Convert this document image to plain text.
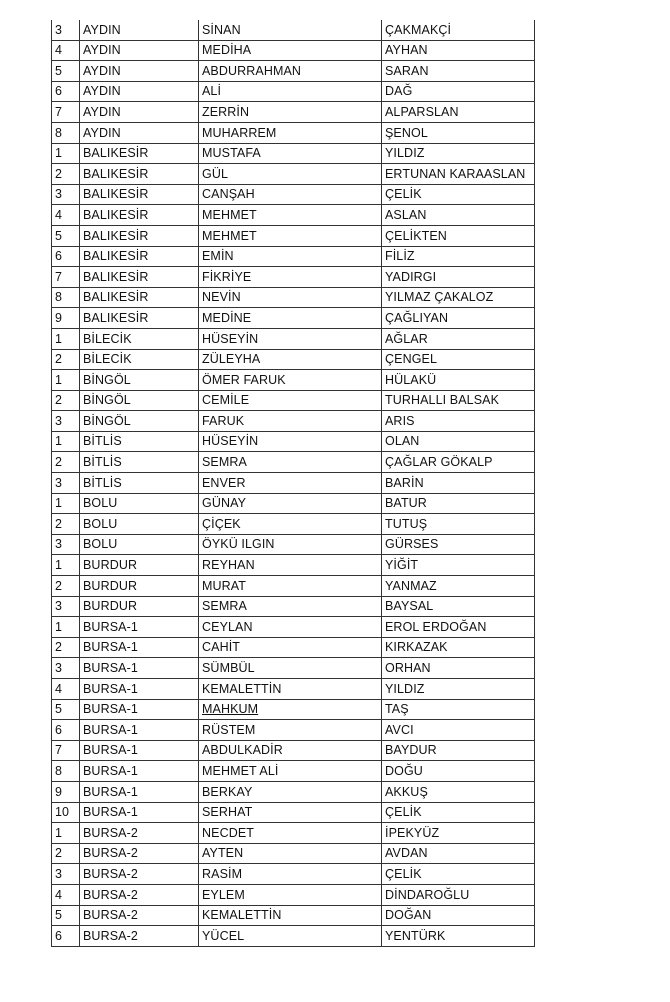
3	AYDIN	SİNAN	ÇAKMAKÇİ
4	AYDIN	MEDİHA	AYHAN
5	AYDIN	ABDURRAHMAN	SARAN
6	AYDIN	ALİ	DAĞ
7	AYDIN	ZERRİN	ALPARSLAN
8	AYDIN	MUHARREM	ŞENOL
1	BALIKESİR	MUSTAFA	YILDIZ
2	BALIKESİR	GÜL	ERTUNAN KARAASLAN
3	BALIKESİR	CANŞAH	ÇELİK
4	BALIKESİR	MEHMET	ASLAN
5	BALIKESİR	MEHMET	ÇELİKTEN
6	BALIKESİR	EMİN	FİLİZ
7	BALIKESİR	FİKRİYE	YADIRGI
8	BALIKESİR	NEVİN	YILMAZ ÇAKALOZ
9	BALIKESİR	MEDİNE	ÇAĞLIYAN
1	BİLECİK	HÜSEYİN	AĞLAR
2	BİLECİK	ZÜLEYHA	ÇENGEL
1	BİNGÖL	ÖMER FARUK	HÜLAKÜ
2	BİNGÖL	CEMİLE	TURHALLI BALSAK
3	BİNGÖL	FARUK	ARIS
1	BİTLİS	HÜSEYİN	OLAN
2	BİTLİS	SEMRA	ÇAĞLAR GÖKALP
3	BİTLİS	ENVER	BARİN
1	BOLU	GÜNAY	BATUR
2	BOLU	ÇİÇEK	TUTUŞ
3	BOLU	ÖYKÜ ILGIN	GÜRSES
1	BURDUR	REYHAN	YİĞİT
2	BURDUR	MURAT	YANMAZ
3	BURDUR	SEMRA	BAYSAL
1	BURSA-1	CEYLAN	EROL ERDOĞAN
2	BURSA-1	CAHİT	KIRKAZAK
3	BURSA-1	SÜMBÜL	ORHAN
4	BURSA-1	KEMALETTİN	YILDIZ
5	BURSA-1	MAHKUM	TAŞ
6	BURSA-1	RÜSTEM	AVCI
7	BURSA-1	ABDULKADİR	BAYDUR
8	BURSA-1	MEHMET ALİ	DOĞU
9	BURSA-1	BERKAY	AKKUŞ
10	BURSA-1	SERHAT	ÇELİK
1	BURSA-2	NECDET	İPEKYÜZ
2	BURSA-2	AYTEN	AVDAN
3	BURSA-2	RASİM	ÇELİK
4	BURSA-2	EYLEM	DİNDAROĞLU
5	BURSA-2	KEMALETTİN	DOĞAN
6	BURSA-2	YÜCEL	YENTÜRK
